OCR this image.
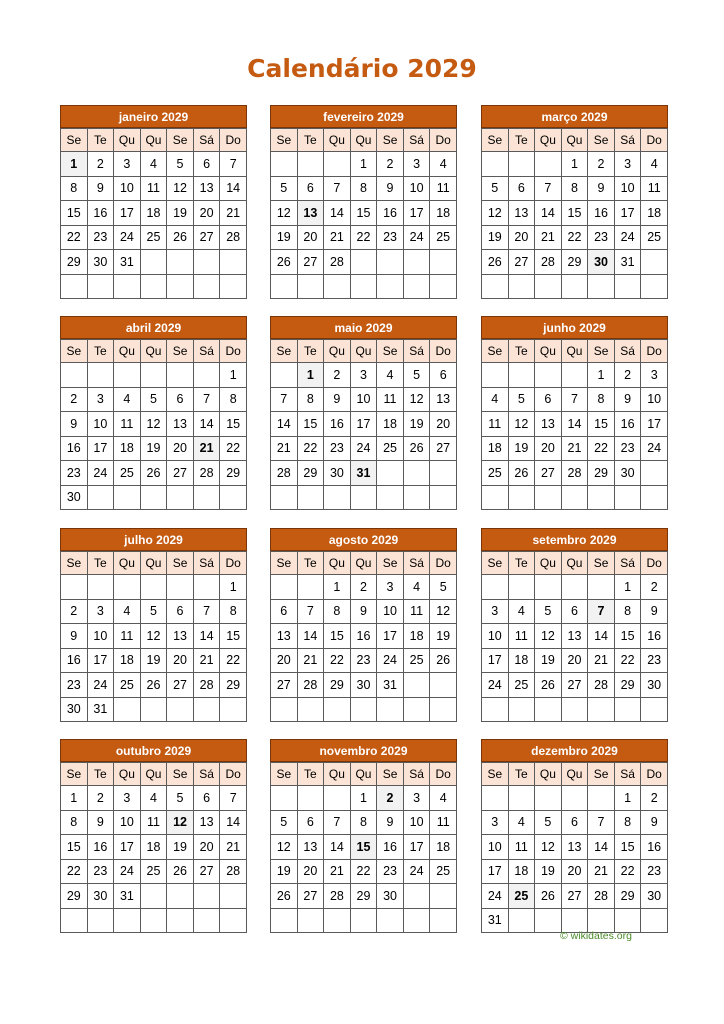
Calendário 2029
janeiro 2029
Se	Te	Qu	Qu	Se	Sá	Do
1	2	3	4	5	6	7
8	9	10	11	12	13	14
15	16	17	18	19	20	21
22	23	24	25	26	27	28
29	30	31				

fevereiro 2029
Se	Te	Qu	Qu	Se	Sá	Do
			1	2	3	4
5	6	7	8	9	10	11
12	13	14	15	16	17	18
19	20	21	22	23	24	25
26	27	28				

março 2029
Se	Te	Qu	Qu	Se	Sá	Do
			1	2	3	4
5	6	7	8	9	10	11
12	13	14	15	16	17	18
19	20	21	22	23	24	25
26	27	28	29	30	31	

abril 2029
Se	Te	Qu	Qu	Se	Sá	Do
						1
2	3	4	5	6	7	8
9	10	11	12	13	14	15
16	17	18	19	20	21	22
23	24	25	26	27	28	29
30						
maio 2029
Se	Te	Qu	Qu	Se	Sá	Do
	1	2	3	4	5	6
7	8	9	10	11	12	13
14	15	16	17	18	19	20
21	22	23	24	25	26	27
28	29	30	31			

junho 2029
Se	Te	Qu	Qu	Se	Sá	Do
				1	2	3
4	5	6	7	8	9	10
11	12	13	14	15	16	17
18	19	20	21	22	23	24
25	26	27	28	29	30	

julho 2029
Se	Te	Qu	Qu	Se	Sá	Do
						1
2	3	4	5	6	7	8
9	10	11	12	13	14	15
16	17	18	19	20	21	22
23	24	25	26	27	28	29
30	31					
agosto 2029
Se	Te	Qu	Qu	Se	Sá	Do
		1	2	3	4	5
6	7	8	9	10	11	12
13	14	15	16	17	18	19
20	21	22	23	24	25	26
27	28	29	30	31		

setembro 2029
Se	Te	Qu	Qu	Se	Sá	Do
					1	2
3	4	5	6	7	8	9
10	11	12	13	14	15	16
17	18	19	20	21	22	23
24	25	26	27	28	29	30

outubro 2029
Se	Te	Qu	Qu	Se	Sá	Do
1	2	3	4	5	6	7
8	9	10	11	12	13	14
15	16	17	18	19	20	21
22	23	24	25	26	27	28
29	30	31				

novembro 2029
Se	Te	Qu	Qu	Se	Sá	Do
			1	2	3	4
5	6	7	8	9	10	11
12	13	14	15	16	17	18
19	20	21	22	23	24	25
26	27	28	29	30		

dezembro 2029
Se	Te	Qu	Qu	Se	Sá	Do
					1	2
3	4	5	6	7	8	9
10	11	12	13	14	15	16
17	18	19	20	21	22	23
24	25	26	27	28	29	30
31						
© wikidates.org
